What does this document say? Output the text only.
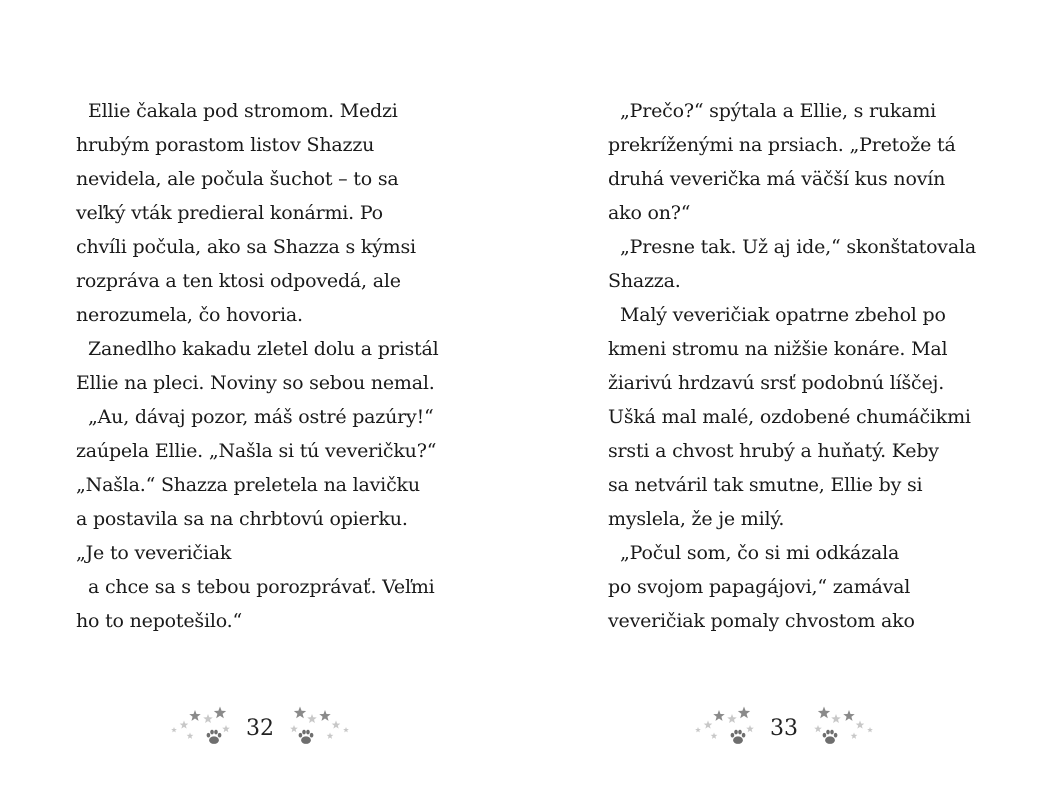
Ellie čakala pod stromom. Medzi
hrubým porastom listov Shazzu
nevidela, ale počula šuchot – to sa
veľký vták predieral konármi. Po
chvíli počula, ako sa Shazza s kýmsi
rozpráva a ten ktosi odpovedá, ale
nerozumela, čo hovoria.
Zanedlho kakadu zletel dolu a pristál
Ellie na pleci. Noviny so sebou nemal.
„Au, dávaj pozor, máš ostré pazúry!“
zaúpela Ellie. „Našla si tú veveričku?“
„Našla.“ Shazza preletela na lavičku
a postavila sa na chrbtovú opierku.
„Je to veveričiak
a chce sa s tebou porozprávať. Veľmi
ho to nepotešilo.“
32
„Prečo?“ spýtala a Ellie, s rukami
prekríženými na prsiach. „Pretože tá
druhá veverička má väčší kus novín
ako on?“
„Presne tak. Už aj ide,“ skonštatovala
Shazza.
Malý veveričiak opatrne zbehol po
kmeni stromu na nižšie konáre. Mal
žiarivú hrdzavú srsť podobnú líščej.
Ušká mal malé, ozdobené chumáčikmi
srsti a chvost hrubý a huňatý. Keby
sa netváril tak smutne, Ellie by si
myslela, že je milý.
„Počul som, čo si mi odkázala
po svojom papagájovi,“ zamával
veveričiak pomaly chvostom ako
33
